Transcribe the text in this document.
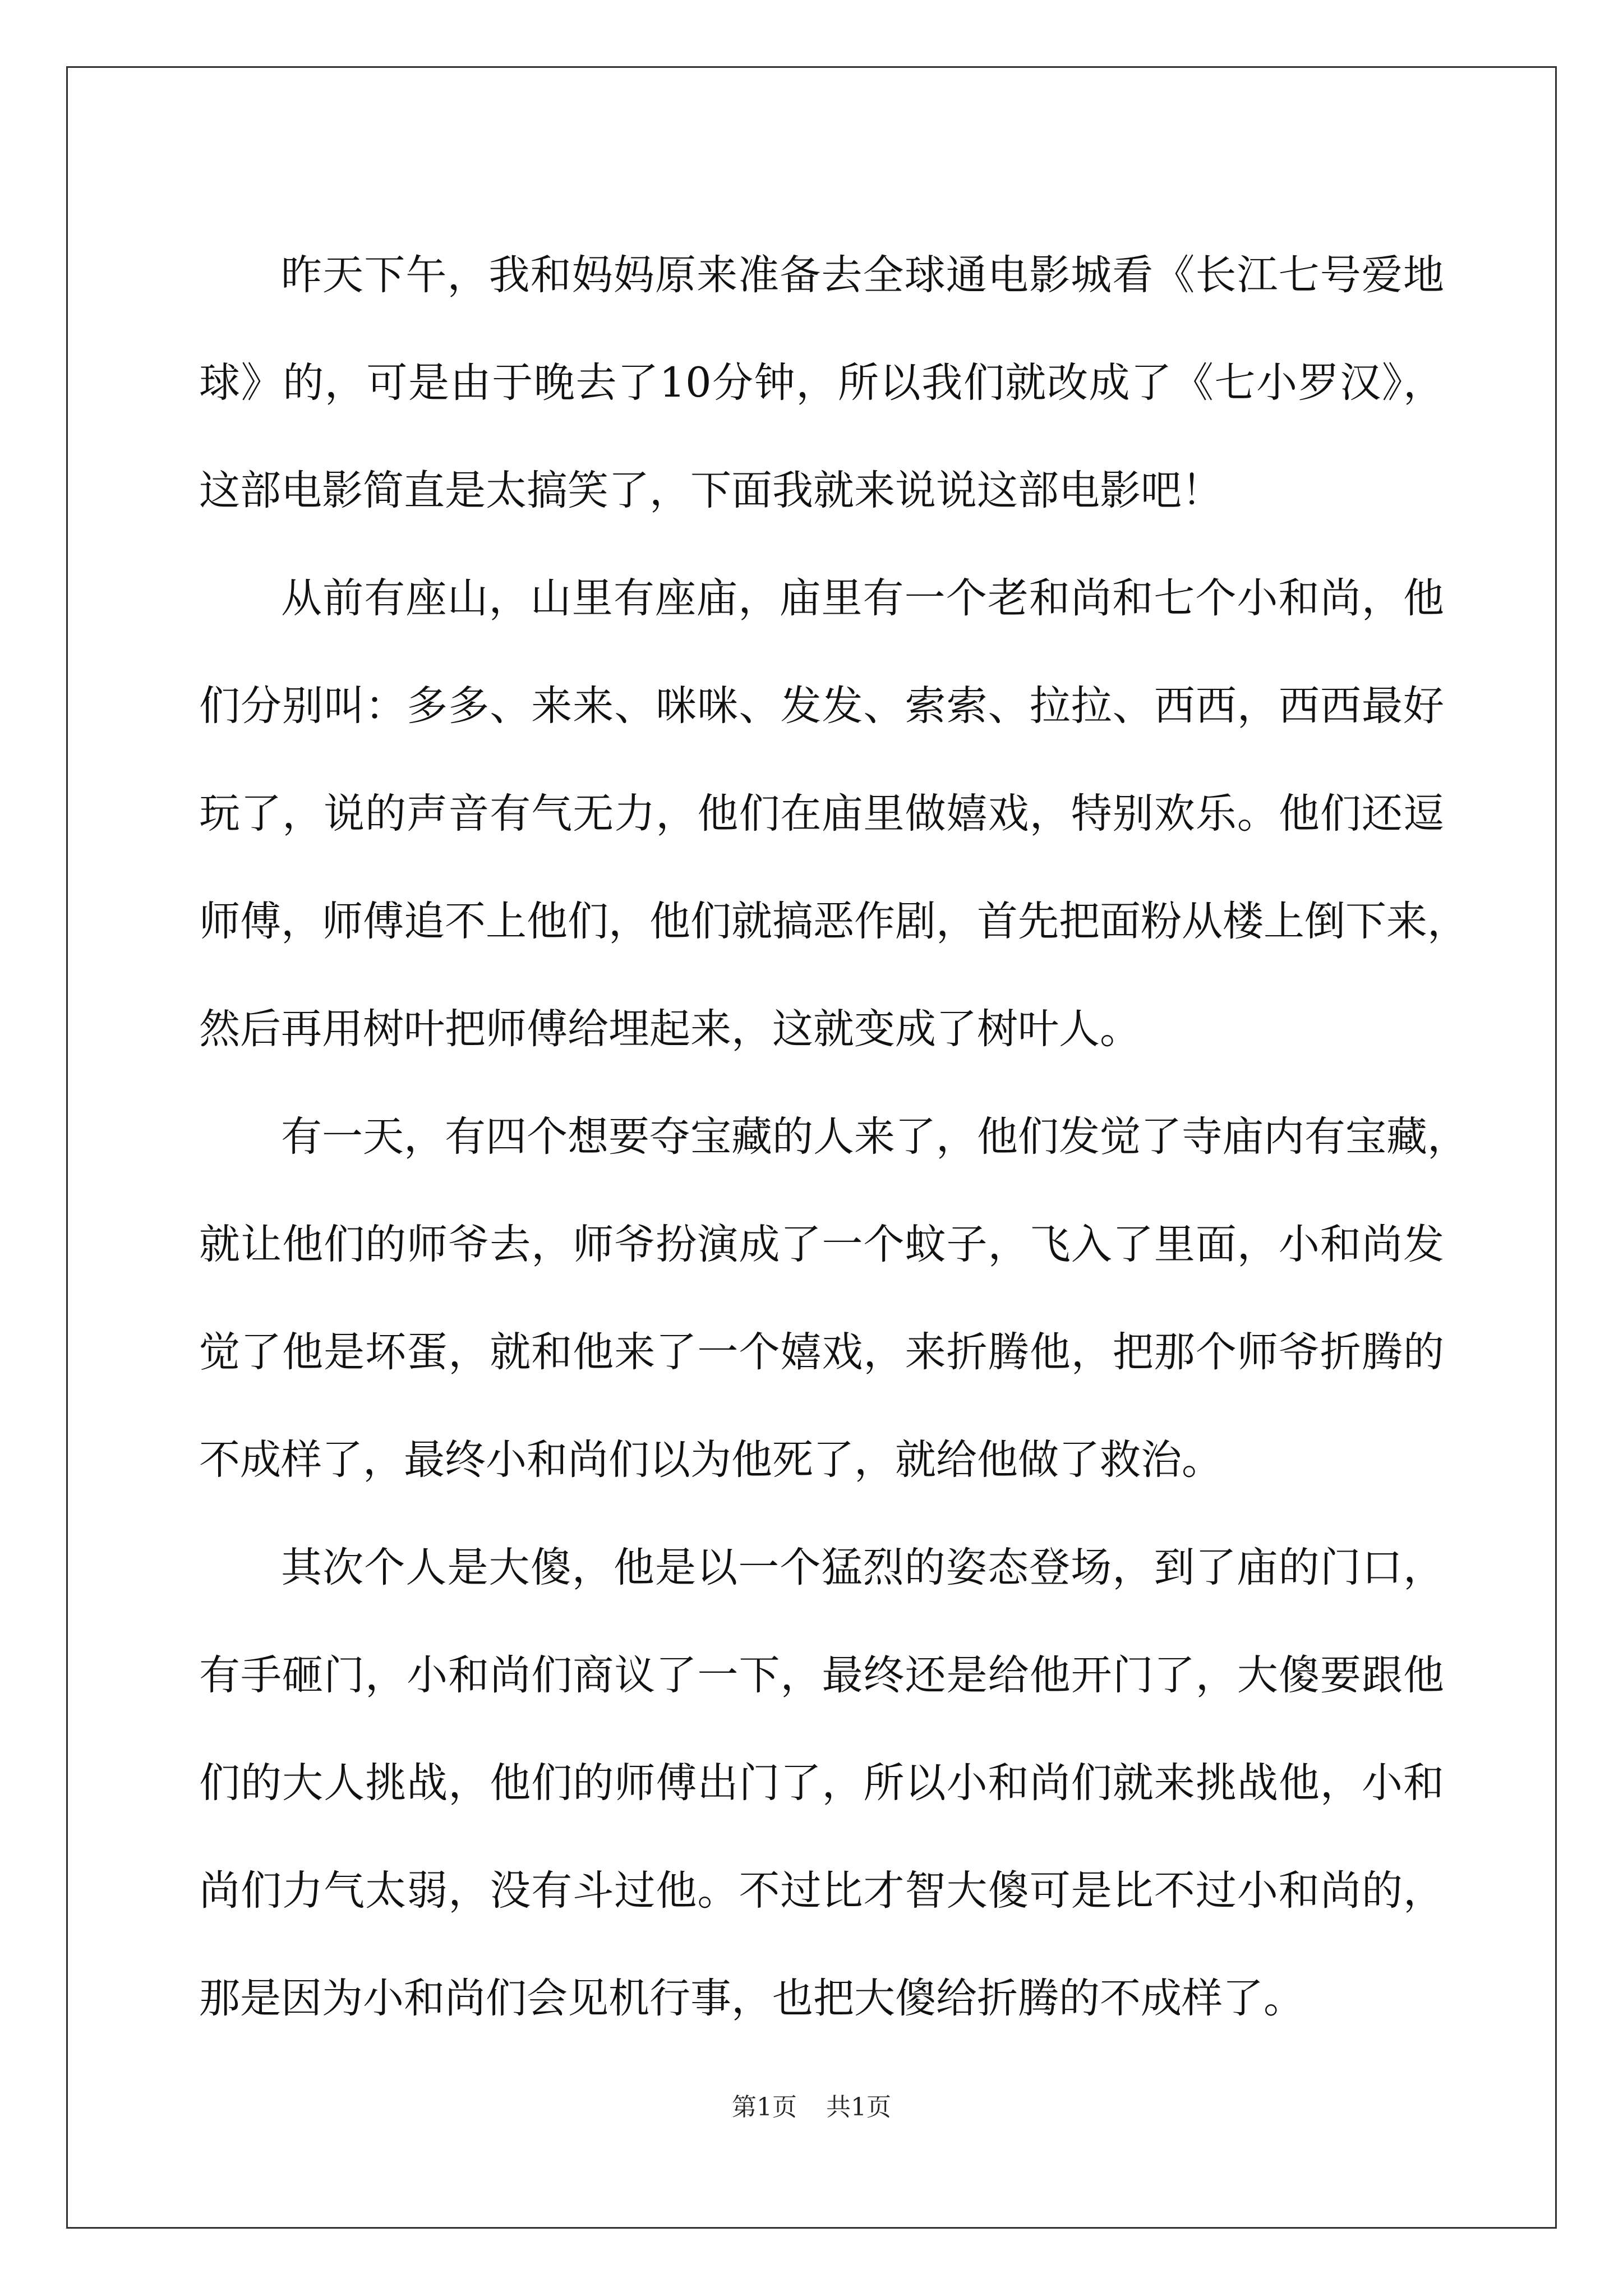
昨天下午，我和妈妈原来准备去全球通电影城看《长江七号爱地
球》的，可是由于晚去了10分钟，所以我们就改成了《七小罗汉》，
这部电影简直是太搞笑了，下面我就来说说这部电影吧！
从前有座山，山里有座庙，庙里有一个老和尚和七个小和尚，他
们分别叫：多多、来来、咪咪、发发、索索、拉拉、西西，西西最好
玩了，说的声音有气无力，他们在庙里做嬉戏，特别欢乐。他们还逗
师傅，师傅追不上他们，他们就搞恶作剧，首先把面粉从楼上倒下来，
然后再用树叶把师傅给埋起来，这就变成了树叶人。
有一天，有四个想要夺宝藏的人来了，他们发觉了寺庙内有宝藏，
就让他们的师爷去，师爷扮演成了一个蚊子，飞入了里面，小和尚发
觉了他是坏蛋，就和他来了一个嬉戏，来折腾他，把那个师爷折腾的
不成样了，最终小和尚们以为他死了，就给他做了救治。
其次个人是大傻，他是以一个猛烈的姿态登场，到了庙的门口，
有手砸门，小和尚们商议了一下，最终还是给他开门了，大傻要跟他
们的大人挑战，他们的师傅出门了，所以小和尚们就来挑战他，小和
尚们力气太弱，没有斗过他。不过比才智大傻可是比不过小和尚的，
那是因为小和尚们会见机行事，也把大傻给折腾的不成样了。
第1页 共1页
